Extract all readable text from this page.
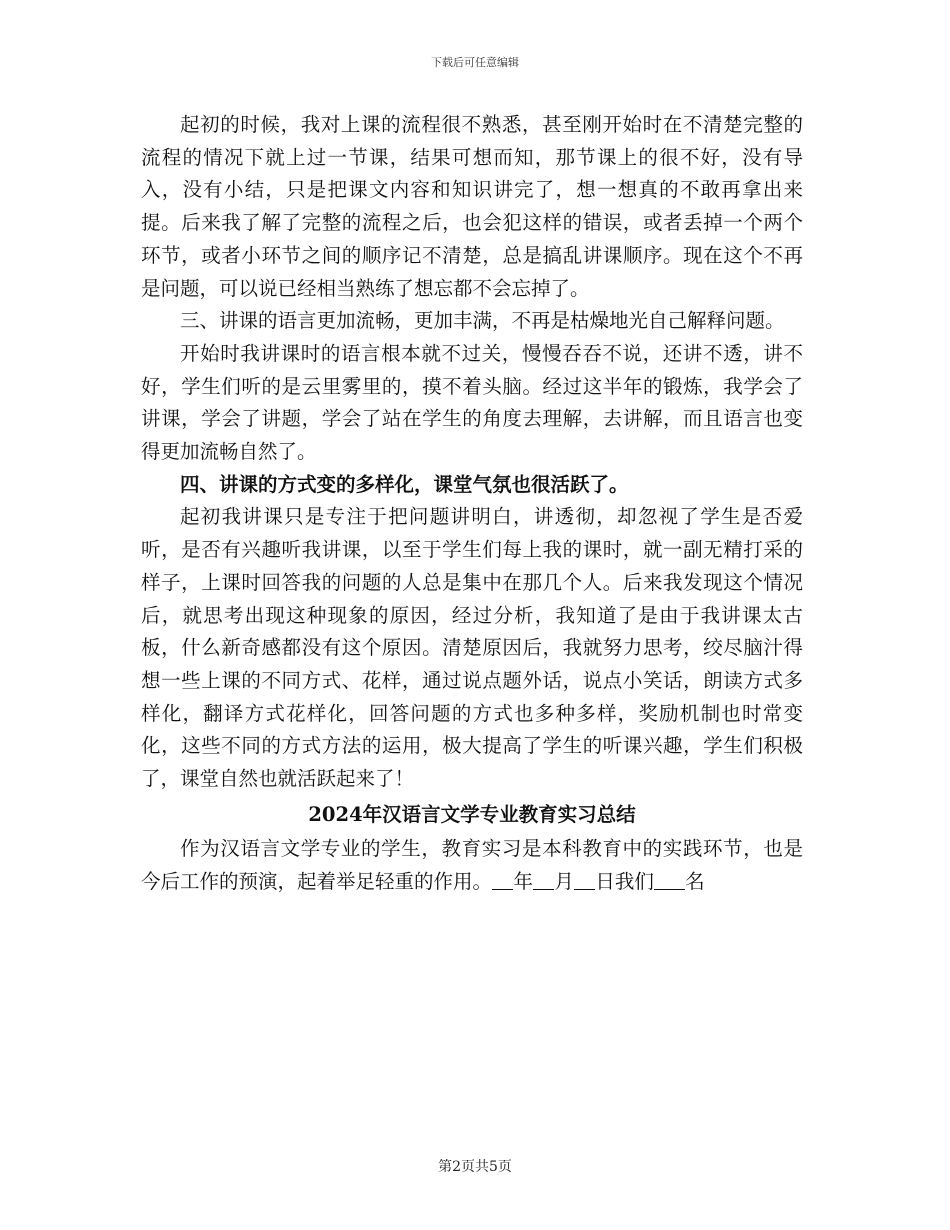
下载后可任意编辑

起初的时候，我对上课的流程很不熟悉，甚至刚开始时在不清楚完整的流程的情况下就上过一节课，结果可想而知，那节课上的很不好，没有导入，没有小结，只是把课文内容和知识讲完了，想一想真的不敢再拿出来提。后来我了解了完整的流程之后，也会犯这样的错误，或者丢掉一个两个环节，或者小环节之间的顺序记不清楚，总是搞乱讲课顺序。现在这个不再是问题，可以说已经相当熟练了想忘都不会忘掉了。

三、讲课的语言更加流畅，更加丰满，不再是枯燥地光自己解释问题。

开始时我讲课时的语言根本就不过关，慢慢吞吞不说，还讲不透，讲不好，学生们听的是云里雾里的，摸不着头脑。经过这半年的锻炼，我学会了讲课，学会了讲题，学会了站在学生的角度去理解，去讲解，而且语言也变得更加流畅自然了。

四、讲课的方式变的多样化，课堂气氛也很活跃了。

起初我讲课只是专注于把问题讲明白，讲透彻，却忽视了学生是否爱听，是否有兴趣听我讲课，以至于学生们每上我的课时，就一副无精打采的样子，上课时回答我的问题的人总是集中在那几个人。后来我发现这个情况后，就思考出现这种现象的原因，经过分析，我知道了是由于我讲课太古板，什么新奇感都没有这个原因。清楚原因后，我就努力思考，绞尽脑汁得想一些上课的不同方式、花样，通过说点题外话，说点小笑话，朗读方式多样化，翻译方式花样化，回答问题的方式也多种多样，奖励机制也时常变化，这些不同的方式方法的运用，极大提高了学生的听课兴趣，学生们积极了，课堂自然也就活跃起来了！

2024年汉语言文学专业教育实习总结

作为汉语言文学专业的学生，教育实习是本科教育中的实践环节，也是今后工作的预演，起着举足轻重的作用。 年 月 日我们 名

第2页共5页
